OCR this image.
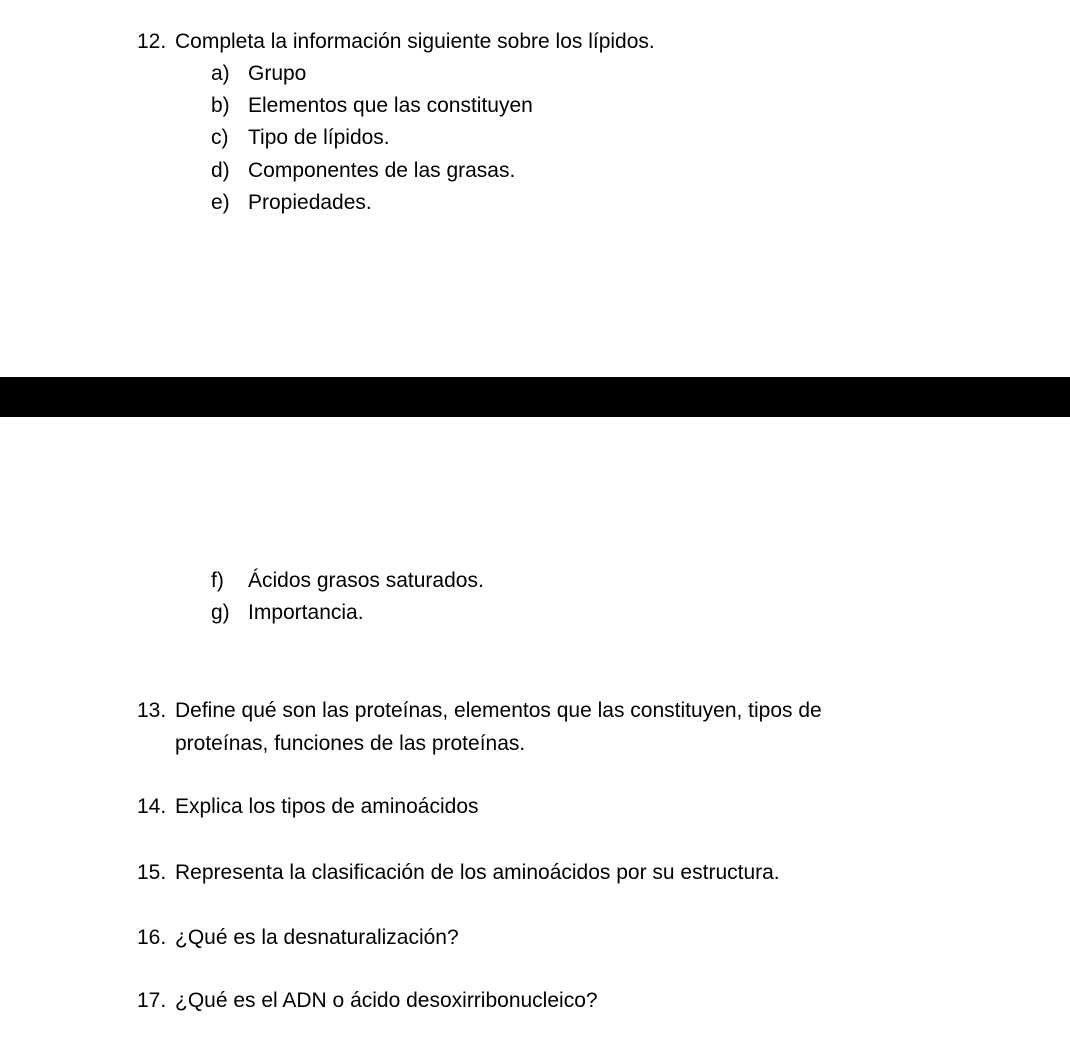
12. Completa la información siguiente sobre los lípidos.
a) Grupo
b) Elementos que las constituyen
c) Tipo de lípidos.
d) Componentes de las grasas.
e) Propiedades.
f) Ácidos grasos saturados.
g) Importancia.
13. Define qué son las proteínas, elementos que las constituyen, tipos de
proteínas, funciones de las proteínas.
14. Explica los tipos de aminoácidos
15. Representa la clasificación de los aminoácidos por su estructura.
16. ¿Qué es la desnaturalización?
17. ¿Qué es el ADN o ácido desoxirribonucleico?
